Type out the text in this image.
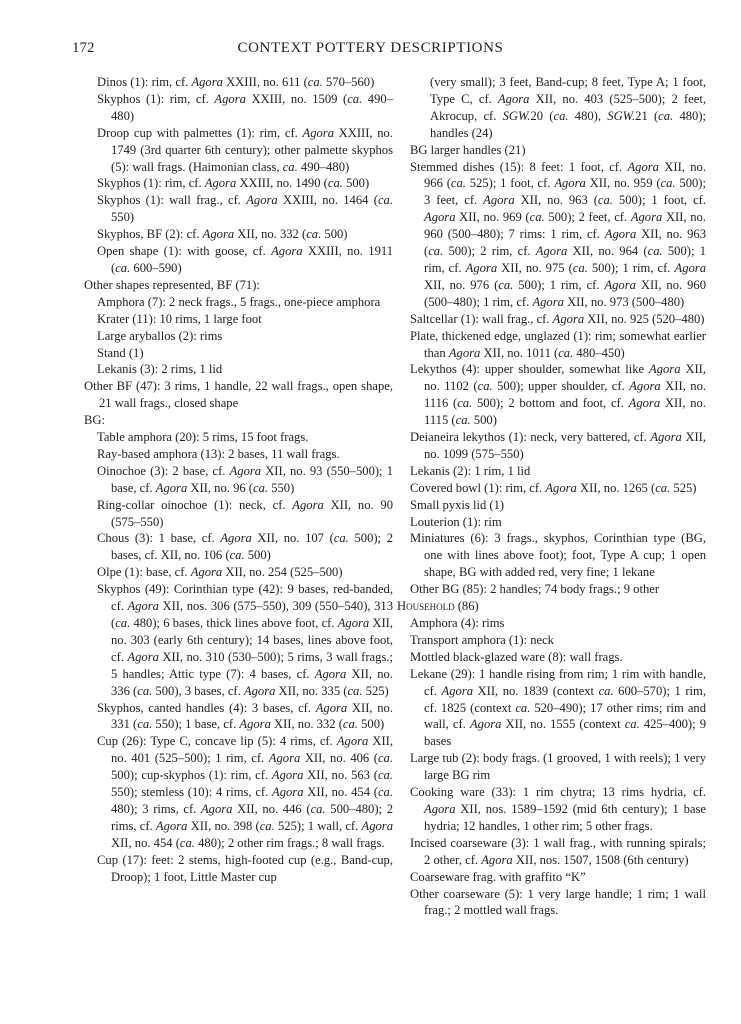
172	CONTEXT POTTERY DESCRIPTIONS

Dinos (1): rim, cf. Agora XXIII, no. 611 (ca. 570–560)

Skyphos (1): rim, cf. Agora XXIII, no. 1509 (ca. 490–480)

Droop cup with palmettes (1): rim, cf. Agora XXIII, no. 1749 (3rd quarter 6th century); other palmette skyphos (5): wall frags. (Haimonian class, ca. 490–480)

Skyphos (1): rim, cf. Agora XXIII, no. 1490 (ca. 500)

Skyphos (1): wall frag., cf. Agora XXIII, no. 1464 (ca. 550)

Skyphos, BF (2): cf. Agora XII, no. 332 (ca. 500)

Open shape (1): with goose, cf. Agora XXIII, no. 1911 (ca. 600–590)

Other shapes represented, BF (71):

Amphora (7): 2 neck frags., 5 frags., one-piece amphora

Krater (11): 10 rims, 1 large foot

Large aryballos (2): rims

Stand (1)

Lekanis (3): 2 rims, 1 lid

Other BF (47): 3 rims, 1 handle, 22 wall frags., open shape, 21 wall frags., closed shape

BG:

Table amphora (20): 5 rims, 15 foot frags.

Ray-based amphora (13): 2 bases, 11 wall frags.

Oinochoe (3): 2 base, cf. Agora XII, no. 93 (550–500); 1 base, cf. Agora XII, no. 96 (ca. 550)

Ring-collar oinochoe (1): neck, cf. Agora XII, no. 90 (575–550)

Chous (3): 1 base, cf. Agora XII, no. 107 (ca. 500); 2 bases, cf. XII, no. 106 (ca. 500)

Olpe (1): base, cf. Agora XII, no. 254 (525–500)

Skyphos (49): Corinthian type (42): 9 bases, red-banded, cf. Agora XII, nos. 306 (575–550), 309 (550–540), 313 (ca. 480); 6 bases, thick lines above foot, cf. Agora XII, no. 303 (early 6th century); 14 bases, lines above foot, cf. Agora XII, no. 310 (530–500); 5 rims, 3 wall frags.; 5 handles; Attic type (7): 4 bases, cf. Agora XII, no. 336 (ca. 500), 3 bases, cf. Agora XII, no. 335 (ca. 525)

Skyphos, canted handles (4): 3 bases, cf. Agora XII, no. 331 (ca. 550); 1 base, cf. Agora XII, no. 332 (ca. 500)

Cup (26): Type C, concave lip (5): 4 rims, cf. Agora XII, no. 401 (525–500); 1 rim, cf. Agora XII, no. 406 (ca. 500); cup-skyphos (1): rim, cf. Agora XII, no. 563 (ca. 550); stemless (10): 4 rims, cf. Agora XII, no. 454 (ca. 480); 3 rims, cf. Agora XII, no. 446 (ca. 500–480); 2 rims, cf. Agora XII, no. 398 (ca. 525); 1 wall, cf. Agora XII, no. 454 (ca. 480); 2 other rim frags.; 8 wall frags.

Cup (17): feet: 2 stems, high-footed cup (e.g., Band-cup, Droop); 1 foot, Little Master cup

(very small); 3 feet, Band-cup; 8 feet, Type A; 1 foot, Type C, cf. Agora XII, no. 403 (525–500); 2 feet, Akrocup, cf. SGW.20 (ca. 480), SGW.21 (ca. 480); handles (24)

BG larger handles (21)

Stemmed dishes (15): 8 feet: 1 foot, cf. Agora XII, no. 966 (ca. 525); 1 foot, cf. Agora XII, no. 959 (ca. 500); 3 feet, cf. Agora XII, no. 963 (ca. 500); 1 foot, cf. Agora XII, no. 969 (ca. 500); 2 feet, cf. Agora XII, no. 960 (500–480); 7 rims: 1 rim, cf. Agora XII, no. 963 (ca. 500); 2 rim, cf. Agora XII, no. 964 (ca. 500); 1 rim, cf. Agora XII, no. 975 (ca. 500); 1 rim, cf. Agora XII, no. 976 (ca. 500); 1 rim, cf. Agora XII, no. 960 (500–480); 1 rim, cf. Agora XII, no. 973 (500–480)

Saltcellar (1): wall frag., cf. Agora XII, no. 925 (520–480)

Plate, thickened edge, unglazed (1): rim; somewhat earlier than Agora XII, no. 1011 (ca. 480–450)

Lekythos (4): upper shoulder, somewhat like Agora XII, no. 1102 (ca. 500); upper shoulder, cf. Agora XII, no. 1116 (ca. 500); 2 bottom and foot, cf. Agora XII, no. 1115 (ca. 500)

Deianeira lekythos (1): neck, very battered, cf. Agora XII, no. 1099 (575–550)

Lekanis (2): 1 rim, 1 lid

Covered bowl (1): rim, cf. Agora XII, no. 1265 (ca. 525)

Small pyxis lid (1)

Louterion (1): rim

Miniatures (6): 3 frags., skyphos, Corinthian type (BG, one with lines above foot); foot, Type A cup; 1 open shape, BG with added red, very fine; 1 lekane

Other BG (85): 2 handles; 74 body frags.; 9 other

Household (86)

Amphora (4): rims

Transport amphora (1): neck

Mottled black-glazed ware (8): wall frags.

Lekane (29): 1 handle rising from rim; 1 rim with handle, cf. Agora XII, no. 1839 (context ca. 600–570); 1 rim, cf. 1825 (context ca. 520–490); 17 other rims; rim and wall, cf. Agora XII, no. 1555 (context ca. 425–400); 9 bases

Large tub (2): body frags. (1 grooved, 1 with reels); 1 very large BG rim

Cooking ware (33): 1 rim chytra; 13 rims hydria, cf. Agora XII, nos. 1589–1592 (mid 6th century); 1 base hydria; 12 handles, 1 other rim; 5 other frags.

Incised coarseware (3): 1 wall frag., with running spirals; 2 other, cf. Agora XII, nos. 1507, 1508 (6th century)

Coarseware frag. with graffito “K”

Other coarseware (5): 1 very large handle; 1 rim; 1 wall frag.; 2 mottled wall frags.
